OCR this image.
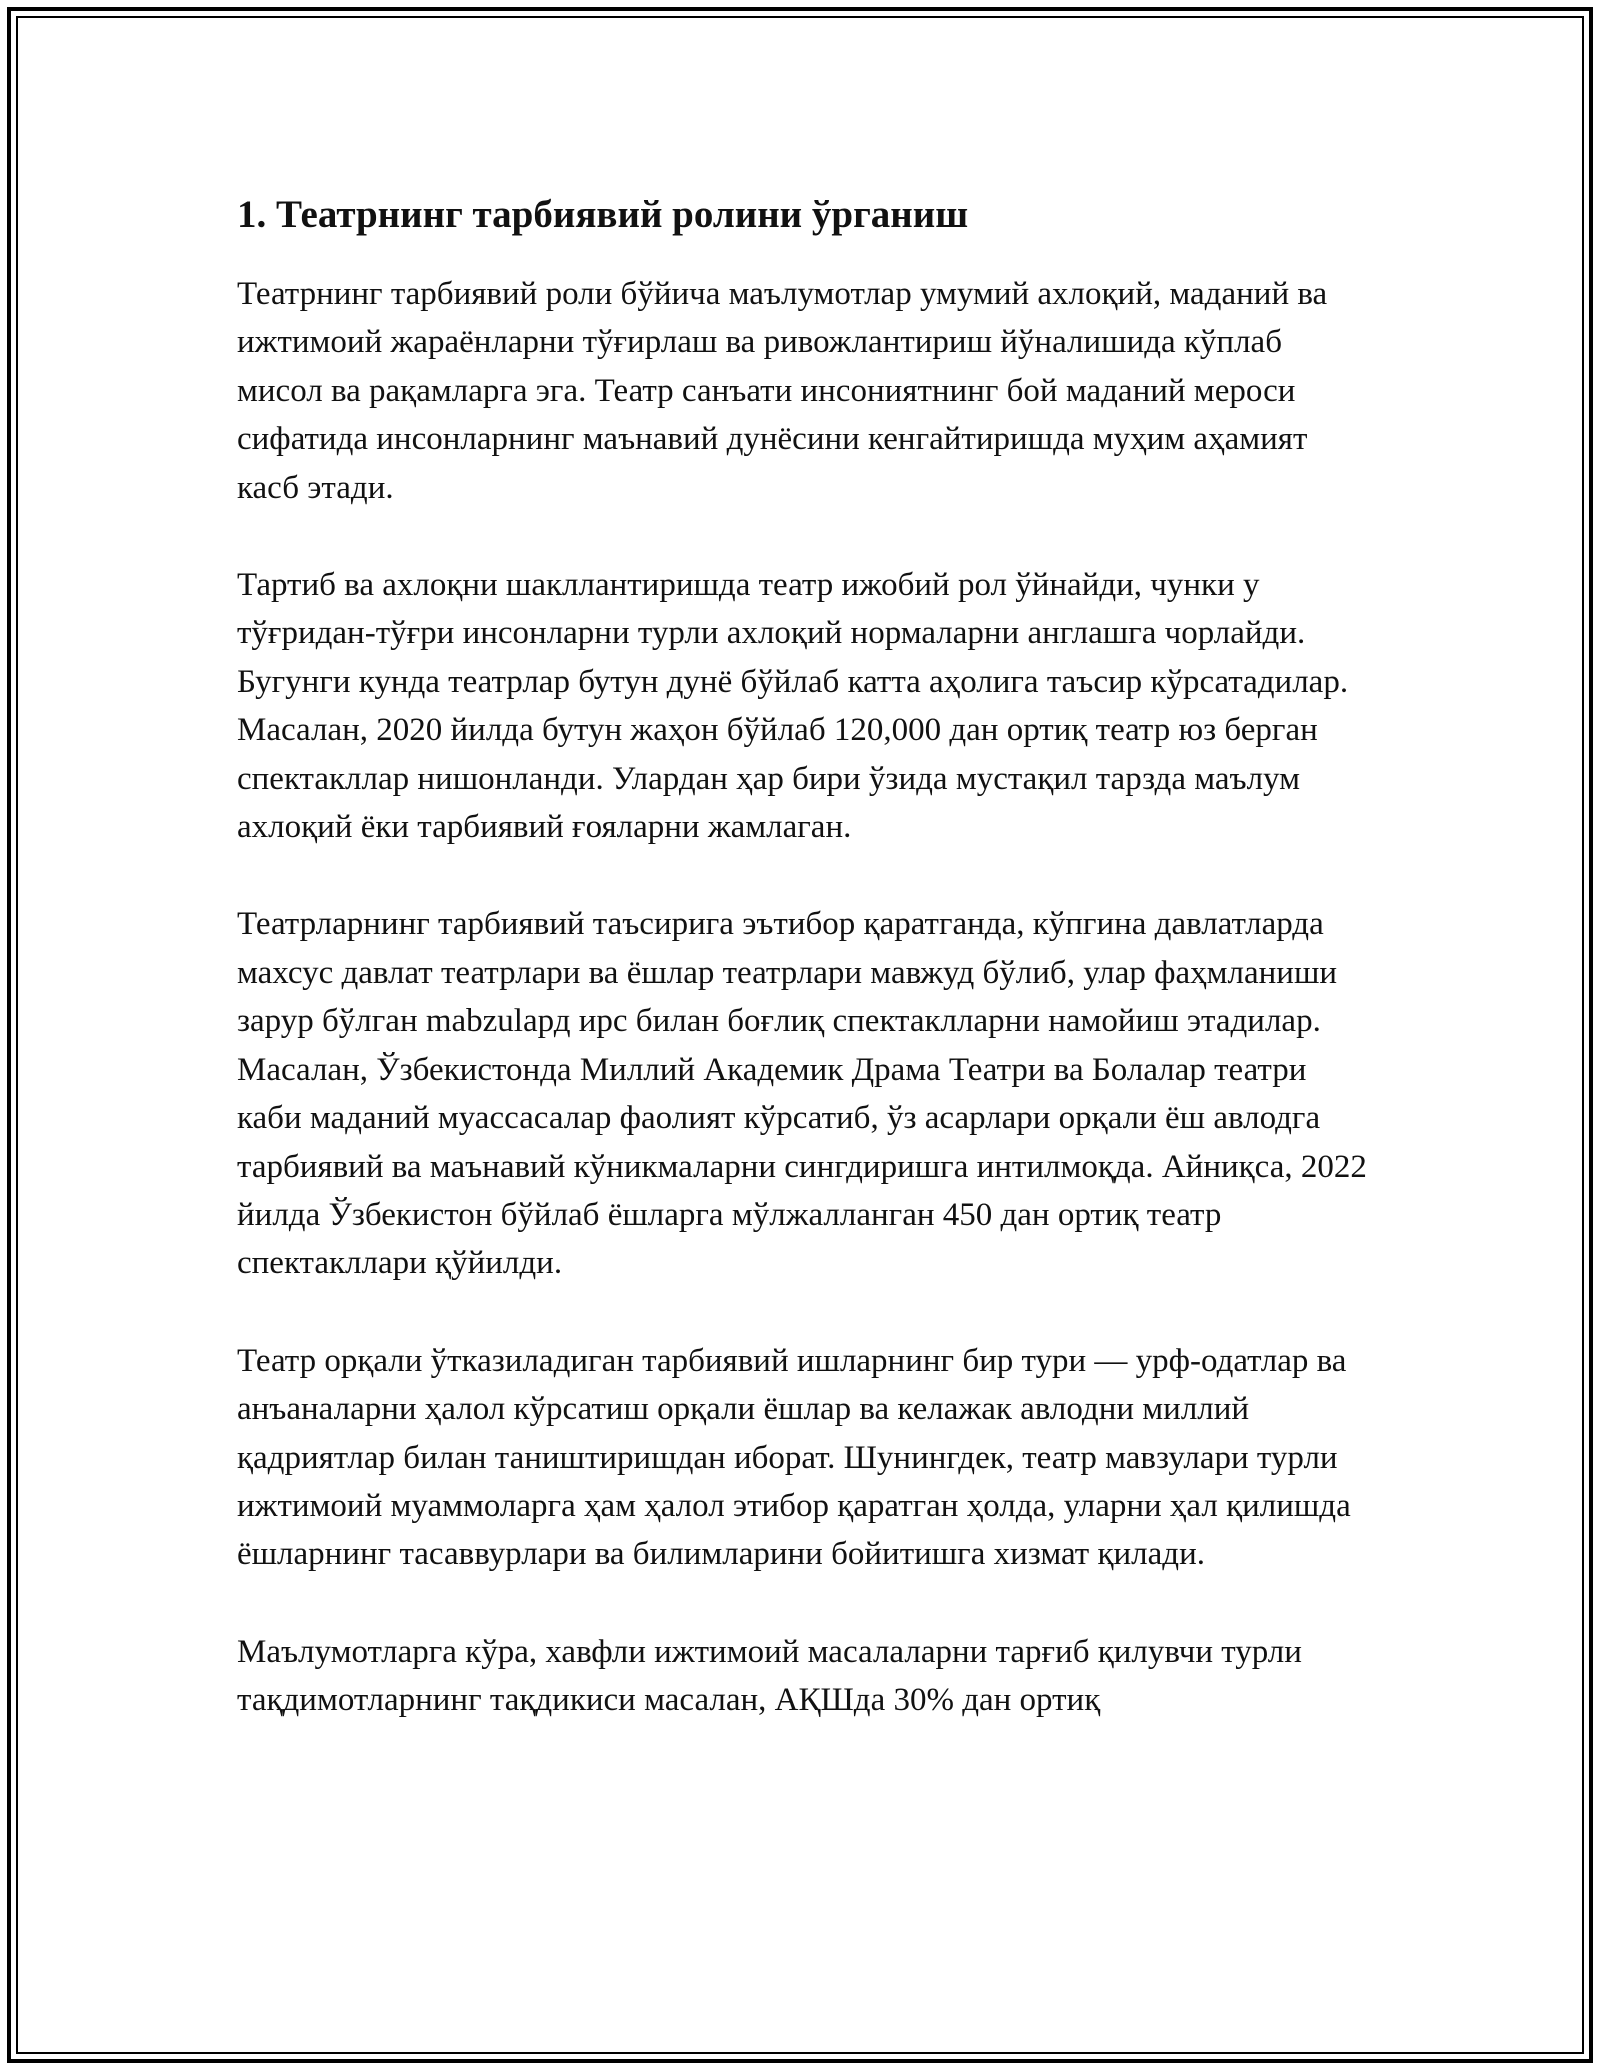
1. Театрнинг тарбиявий ролини ўрганиш

Театрнинг тарбиявий роли бўйича маълумотлар умумий ахлоқий, маданий ва ижтимоий жараёнларни тўғирлаш ва ривожлантириш йўналишида кўплаб мисол ва рақамларга эга. Театр санъати инсониятнинг бой маданий мероси сифатида инсонларнинг маънавий дунёсини кенгайтиришда муҳим аҳамият касб этади.

Тартиб ва ахлоқни шакллантиришда театр ижобий рол ўйнайди, чунки у тўғридан-тўғри инсонларни турли ахлоқий нормаларни англашга чорлайди. Бугунги кунда театрлар бутун дунё бўйлаб катта аҳолига таъсир кўрсатадилар. Масалан, 2020 йилда бутун жаҳон бўйлаб 120,000 дан ортиқ театр юз берган спектакллар нишонланди. Улардан ҳар бири ўзида мустақил тарзда маълум ахлоқий ёки тарбиявий ғояларни жамлаган.

Театрларнинг тарбиявий таъсирига эътибор қаратганда, кўпгина давлатларда махсус давлат театрлари ва ёшлар театрлари мавжуд бўлиб, улар фаҳмланиши зарур бўлган mabzulард ирс билан боғлиқ спектаклларни намойиш этадилар. Масалан, Ўзбекистонда Миллий Академик Драма Театри ва Болалар театри каби маданий муассасалар фаолият кўрсатиб, ўз асарлари орқали ёш авлодга тарбиявий ва маънавий кўникмаларни сингдиришга интилмоқда. Айниқса, 2022 йилда Ўзбекистон бўйлаб ёшларга мўлжалланган 450 дан ортиқ театр спектакллари қўйилди.

Театр орқали ўтказиладиган тарбиявий ишларнинг бир тури — урф-одатлар ва анъаналарни ҳалол кўрсатиш орқали ёшлар ва келажак авлодни миллий қадриятлар билан таништиришдан иборат. Шунингдек, театр мавзулари турли ижтимоий муаммоларга ҳам ҳалол этибор қаратган ҳолда, уларни ҳал қилишда ёшларнинг тасаввурлари ва билимларини бойитишга хизмат қилади.

Маълумотларга кўра, хавфли ижтимоий масалаларни тарғиб қилувчи турли тақдимотларнинг тақдикиси масалан, АҚШда 30% дан ортиқ
